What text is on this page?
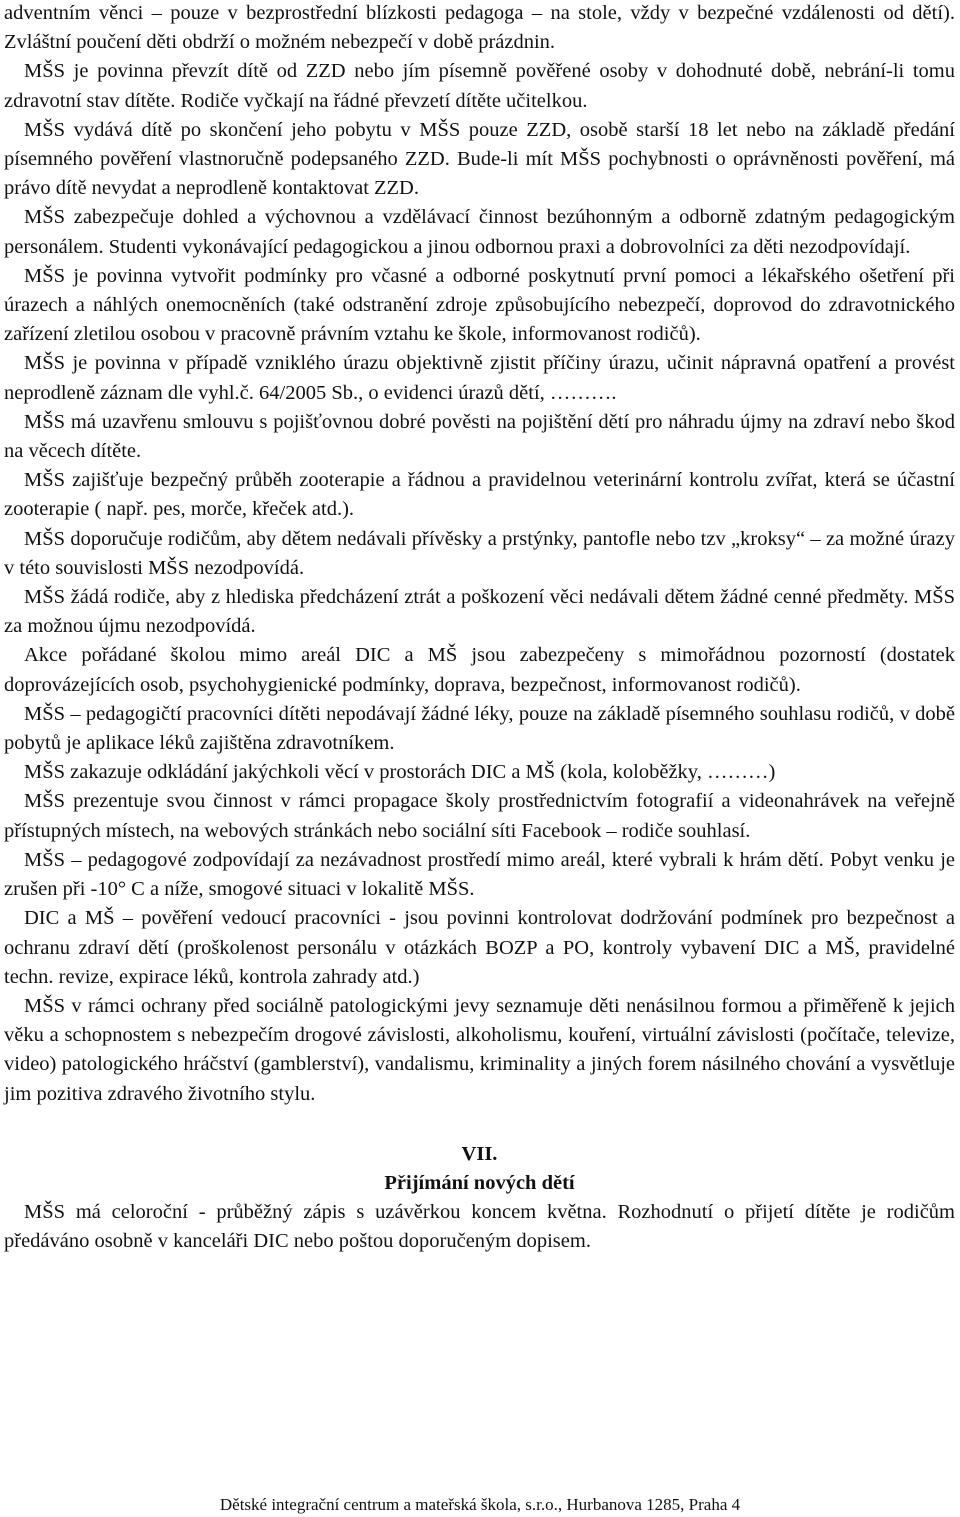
adventním věnci – pouze v bezprostřední blízkosti pedagoga – na stole, vždy v bezpečné vzdálenosti od dětí). Zvláštní poučení děti obdrží o možném nebezpečí v době prázdnin.

MŠS je povinna převzít dítě od ZZD nebo jím písemně pověřené osoby v dohodnuté době, nebrání-li tomu zdravotní stav dítěte. Rodiče vyčkají na řádné převzetí dítěte učitelkou.

MŠS vydává dítě po skončení jeho pobytu v MŠS pouze ZZD, osobě starší 18 let nebo na základě předání písemného pověření vlastnoručně podepsaného ZZD. Bude-li mít MŠS pochybnosti o oprávněnosti pověření, má právo dítě nevydat a neprodleně kontaktovat ZZD.

MŠS zabezpečuje dohled a výchovnou a vzdělávací činnost bezúhonným a odborně zdatným pedagogickým personálem. Studenti vykonávající pedagogickou a jinou odbornou praxi a dobrovolníci za děti nezodpovídají.

MŠS je povinna vytvořit podmínky pro včasné a odborné poskytnutí první pomoci a lékařského ošetření při úrazech a náhlých onemocněních (také odstranění zdroje způsobujícího nebezpečí, doprovod do zdravotnického zařízení zletilou osobou v pracovně právním vztahu ke škole, informovanost rodičů).

MŠS je povinna v případě vzniklého úrazu objektivně zjistit příčiny úrazu, učinit nápravná opatření a provést neprodleně záznam dle vyhl.č. 64/2005 Sb., o evidenci úrazů dětí, ……….

MŠS má uzavřenu smlouvu s pojišťovnou dobré pověsti na pojištění dětí pro náhradu újmy na zdraví nebo škod na věcech dítěte.

MŠS zajišťuje bezpečný průběh zooterapie a řádnou a pravidelnou veterinární kontrolu zvířat, která se účastní zooterapie ( např. pes, morče, křeček atd.).

MŠS doporučuje rodičům, aby dětem nedávali přívěsky a prstýnky, pantofle nebo tzv „kroksy“ – za možné úrazy v této souvislosti MŠS nezodpovídá.

MŠS žádá rodiče, aby z hlediska předcházení ztrát a poškození věci nedávali dětem žádné cenné předměty. MŠS za možnou újmu nezodpovídá.

Akce pořádané školou mimo areál DIC a MŠ jsou zabezpečeny s mimořádnou pozorností (dostatek doprovázejících osob, psychohygienické podmínky, doprava, bezpečnost, informovanost rodičů).

MŠS – pedagogičtí pracovníci dítěti nepodávají žádné léky, pouze na základě písemného souhlasu rodičů, v době pobytů je aplikace léků zajištěna zdravotníkem.

MŠS zakazuje odkládání jakýchkoli věcí v prostorách DIC a MŠ (kola, koloběžky, ………)

MŠS prezentuje svou činnost v rámci propagace školy prostřednictvím fotografií a videonahrávek na veřejně přístupných místech, na webových stránkách nebo sociální síti Facebook – rodiče souhlasí.

MŠS – pedagogové zodpovídají za nezávadnost prostředí mimo areál, které vybrali k hrám dětí. Pobyt venku je zrušen při -10° C a níže, smogové situaci v lokalitě MŠS.

DIC a MŠ – pověření vedoucí pracovníci - jsou povinni kontrolovat dodržování podmínek pro bezpečnost a ochranu zdraví dětí (proškolenost personálu v otázkách BOZP a PO, kontroly vybavení DIC a MŠ, pravidelné techn. revize, expirace léků, kontrola zahrady atd.)

MŠS v rámci ochrany před sociálně patologickými jevy seznamuje děti nenásilnou formou a přiměřeně k jejich věku a schopnostem s nebezpečím drogové závislosti, alkoholismu, kouření, virtuální závislosti (počítače, televize, video) patologického hráčství (gamblerství), vandalismu, kriminality a jiných forem násilného chování a vysvětluje jim pozitiva zdravého životního stylu.

VII.
Přijímání nových dětí

MŠS má celoroční - průběžný zápis s uzávěrkou koncem května. Rozhodnutí o přijetí dítěte je rodičům předáváno osobně v kanceláři DIC nebo poštou doporučeným dopisem.

Dětské integrační centrum a mateřská škola, s.r.o., Hurbanova 1285, Praha 4
